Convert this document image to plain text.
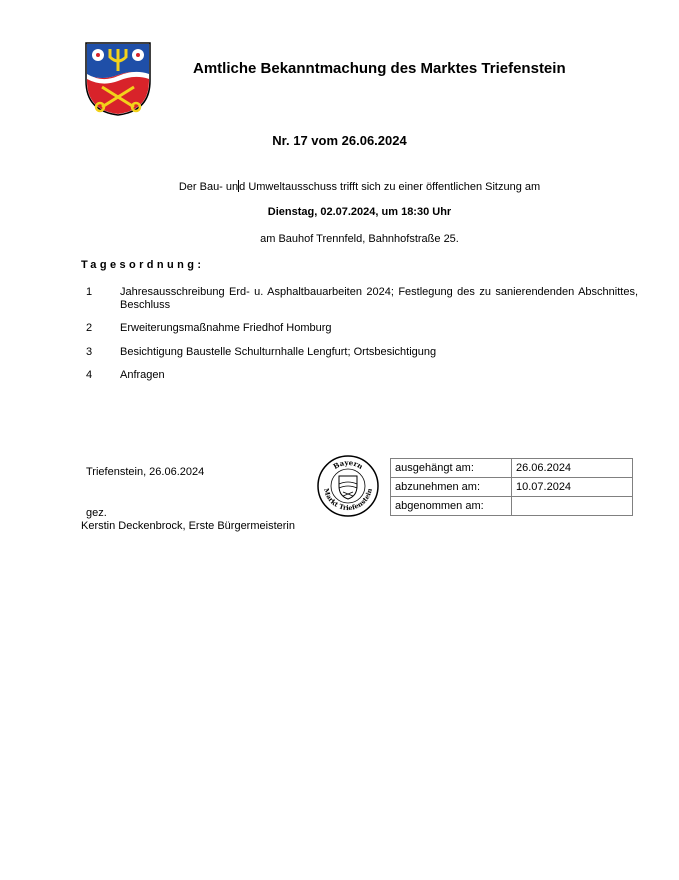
Amtliche Bekanntmachung des Marktes Triefenstein
Nr. 17 vom 26.06.2024
Der Bau- und Umweltausschuss trifft sich zu einer öffentlichen Sitzung am
Dienstag, 02.07.2024, um 18:30 Uhr
am Bauhof Trennfeld, Bahnhofstraße 25.
Tagesordnung:
1	Jahresausschreibung Erd- u. Asphaltbauarbeiten 2024; Festlegung des zu sanierendenden Abschnittes, Beschluss
2	Erweiterungsmaßnahme Friedhof Homburg
3	Besichtigung Baustelle Schulturnhalle Lengfurt; Ortsbesichtigung
4	Anfragen
Triefenstein, 26.06.2024
gez.
Kerstin Deckenbrock, Erste Bürgermeisterin
Bayern
Markt Triefenstein
ausgehängt am:	26.06.2024
abzunehmen am:	10.07.2024
abgenommen am:	
